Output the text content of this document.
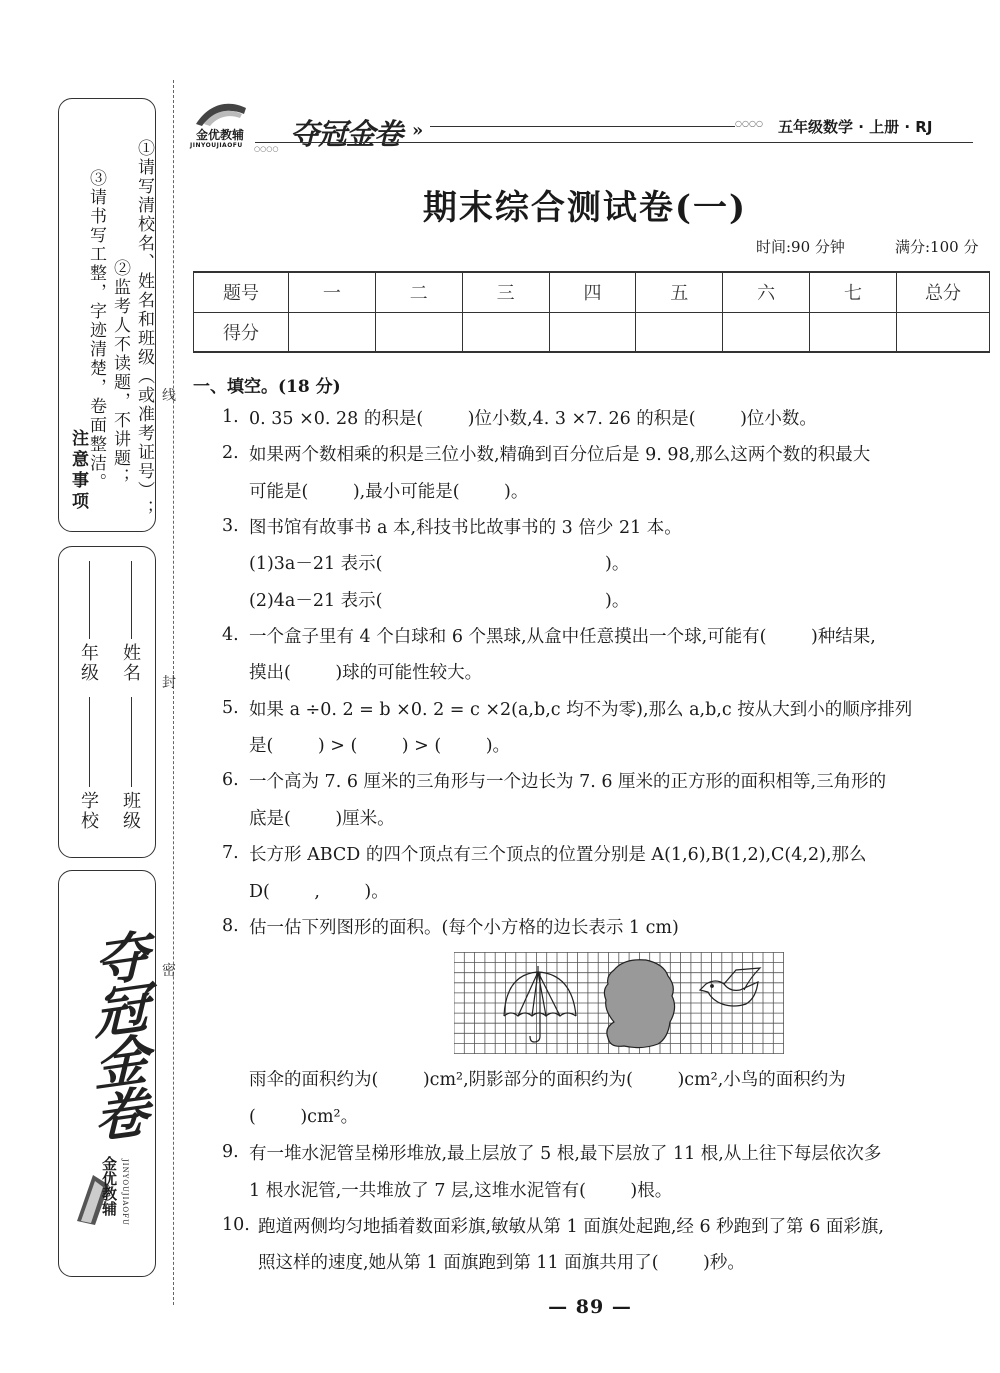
注意事项	①请写清校名、姓名和班级（或准考证号）；
②监考人不读题，不讲题；
③请书写工整，字迹清楚，卷面整洁。
学校
年级
班级
姓名
夺冠金卷
金优教辅 JINYOUJIAOFU
线
封
密
金优教辅
JINYOUJIAOFU ○○○○ 夺冠金卷 »	○○○○ 五年级数学 · 上册 · RJ
期末综合测试卷(一)
时间:90 分钟	满分:100 分
题号	一	二	三	四	五	六	七	总分
得分								
一、填空。(18 分)
1. 0. 35 ×0. 28 的积是(        )位小数,4. 3 ×7. 26 的积是(        )位小数。
2. 如果两个数相乘的积是三位小数,精确到百分位后是 9. 98,那么这两个数的积最大
可能是(        ),最小可能是(        )。
3. 图书馆有故事书 a 本,科技书比故事书的 3 倍少 21 本。
(1)3a－21 表示(                                        )。
(2)4a－21 表示(                                        )。
4. 一个盒子里有 4 个白球和 6 个黑球,从盒中任意摸出一个球,可能有(        )种结果,
摸出(        )球的可能性较大。
5. 如果 a ÷0. 2 = b ×0. 2 = c ×2(a,b,c 均不为零),那么 a,b,c 按从大到小的顺序排列
是(        ) > (        ) > (        )。
6. 一个高为 7. 6 厘米的三角形与一个边长为 7. 6 厘米的正方形的面积相等,三角形的
底是(        )厘米。
7. 长方形 ABCD 的四个顶点有三个顶点的位置分别是 A(1,6),B(1,2),C(4,2),那么
D(        ,        )。
8. 估一估下列图形的面积。(每个小方格的边长表示 1 cm)
雨伞的面积约为(        )cm²,阴影部分的面积约为(        )cm²,小鸟的面积约为
(        )cm²。
9. 有一堆水泥管呈梯形堆放,最上层放了 5 根,最下层放了 11 根,从上往下每层依次多
1 根水泥管,一共堆放了 7 层,这堆水泥管有(        )根。
10. 跑道两侧均匀地插着数面彩旗,敏敏从第 1 面旗处起跑,经 6 秒跑到了第 6 面彩旗,
照这样的速度,她从第 1 面旗跑到第 11 面旗共用了(        )秒。
— 89 —
